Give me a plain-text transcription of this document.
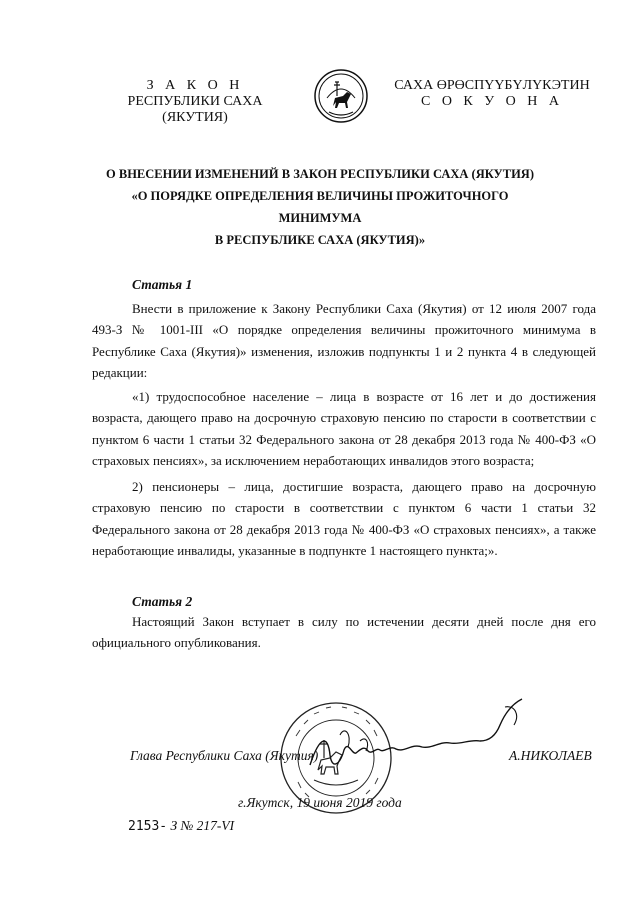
З А К О Н
РЕСПУБЛИКИ САХА (ЯКУТИЯ)
САХА ӨРӨСПҮҮБҮЛҮКЭТИН
С О К У О Н А
О ВНЕСЕНИИ ИЗМЕНЕНИЙ В ЗАКОН РЕСПУБЛИКИ САХА (ЯКУТИЯ)
«О ПОРЯДКЕ ОПРЕДЕЛЕНИЯ ВЕЛИЧИНЫ ПРОЖИТОЧНОГО МИНИМУМА
В РЕСПУБЛИКЕ САХА (ЯКУТИЯ)»
Статья 1

Внести в приложение к Закону Республики Саха (Якутия) от 12 июля 2007 года 493-З № 1001-III «О порядке определения величины прожиточного минимума в Республике Саха (Якутия)» изменения, изложив подпункты 1 и 2 пункта 4 в следующей редакции:

«1) трудоспособное население – лица в возрасте от 16 лет и до достижения возраста, дающего право на досрочную страховую пенсию по старости в соответствии с пунктом 6 части 1 статьи 32 Федерального закона от 28 декабря 2013 года № 400-ФЗ «О страховых пенсиях», за исключением неработающих инвалидов этого возраста;

2) пенсионеры – лица, достигшие возраста, дающего право на досрочную страховую пенсию по старости в соответствии с пунктом 6 части 1 статьи 32 Федерального закона от 28 декабря 2013 года № 400-ФЗ «О страховых пенсиях», а также неработающие инвалиды, указанные в подпункте 1 настоящего пункта;».

Статья 2

Настоящий Закон вступает в силу по истечении десяти дней после дня его официального опубликования.

Глава Республики Саха (Якутия)	А.НИКОЛАЕВ
г.Якутск, 19 июня 2019 года
2153- З № 217-VI
